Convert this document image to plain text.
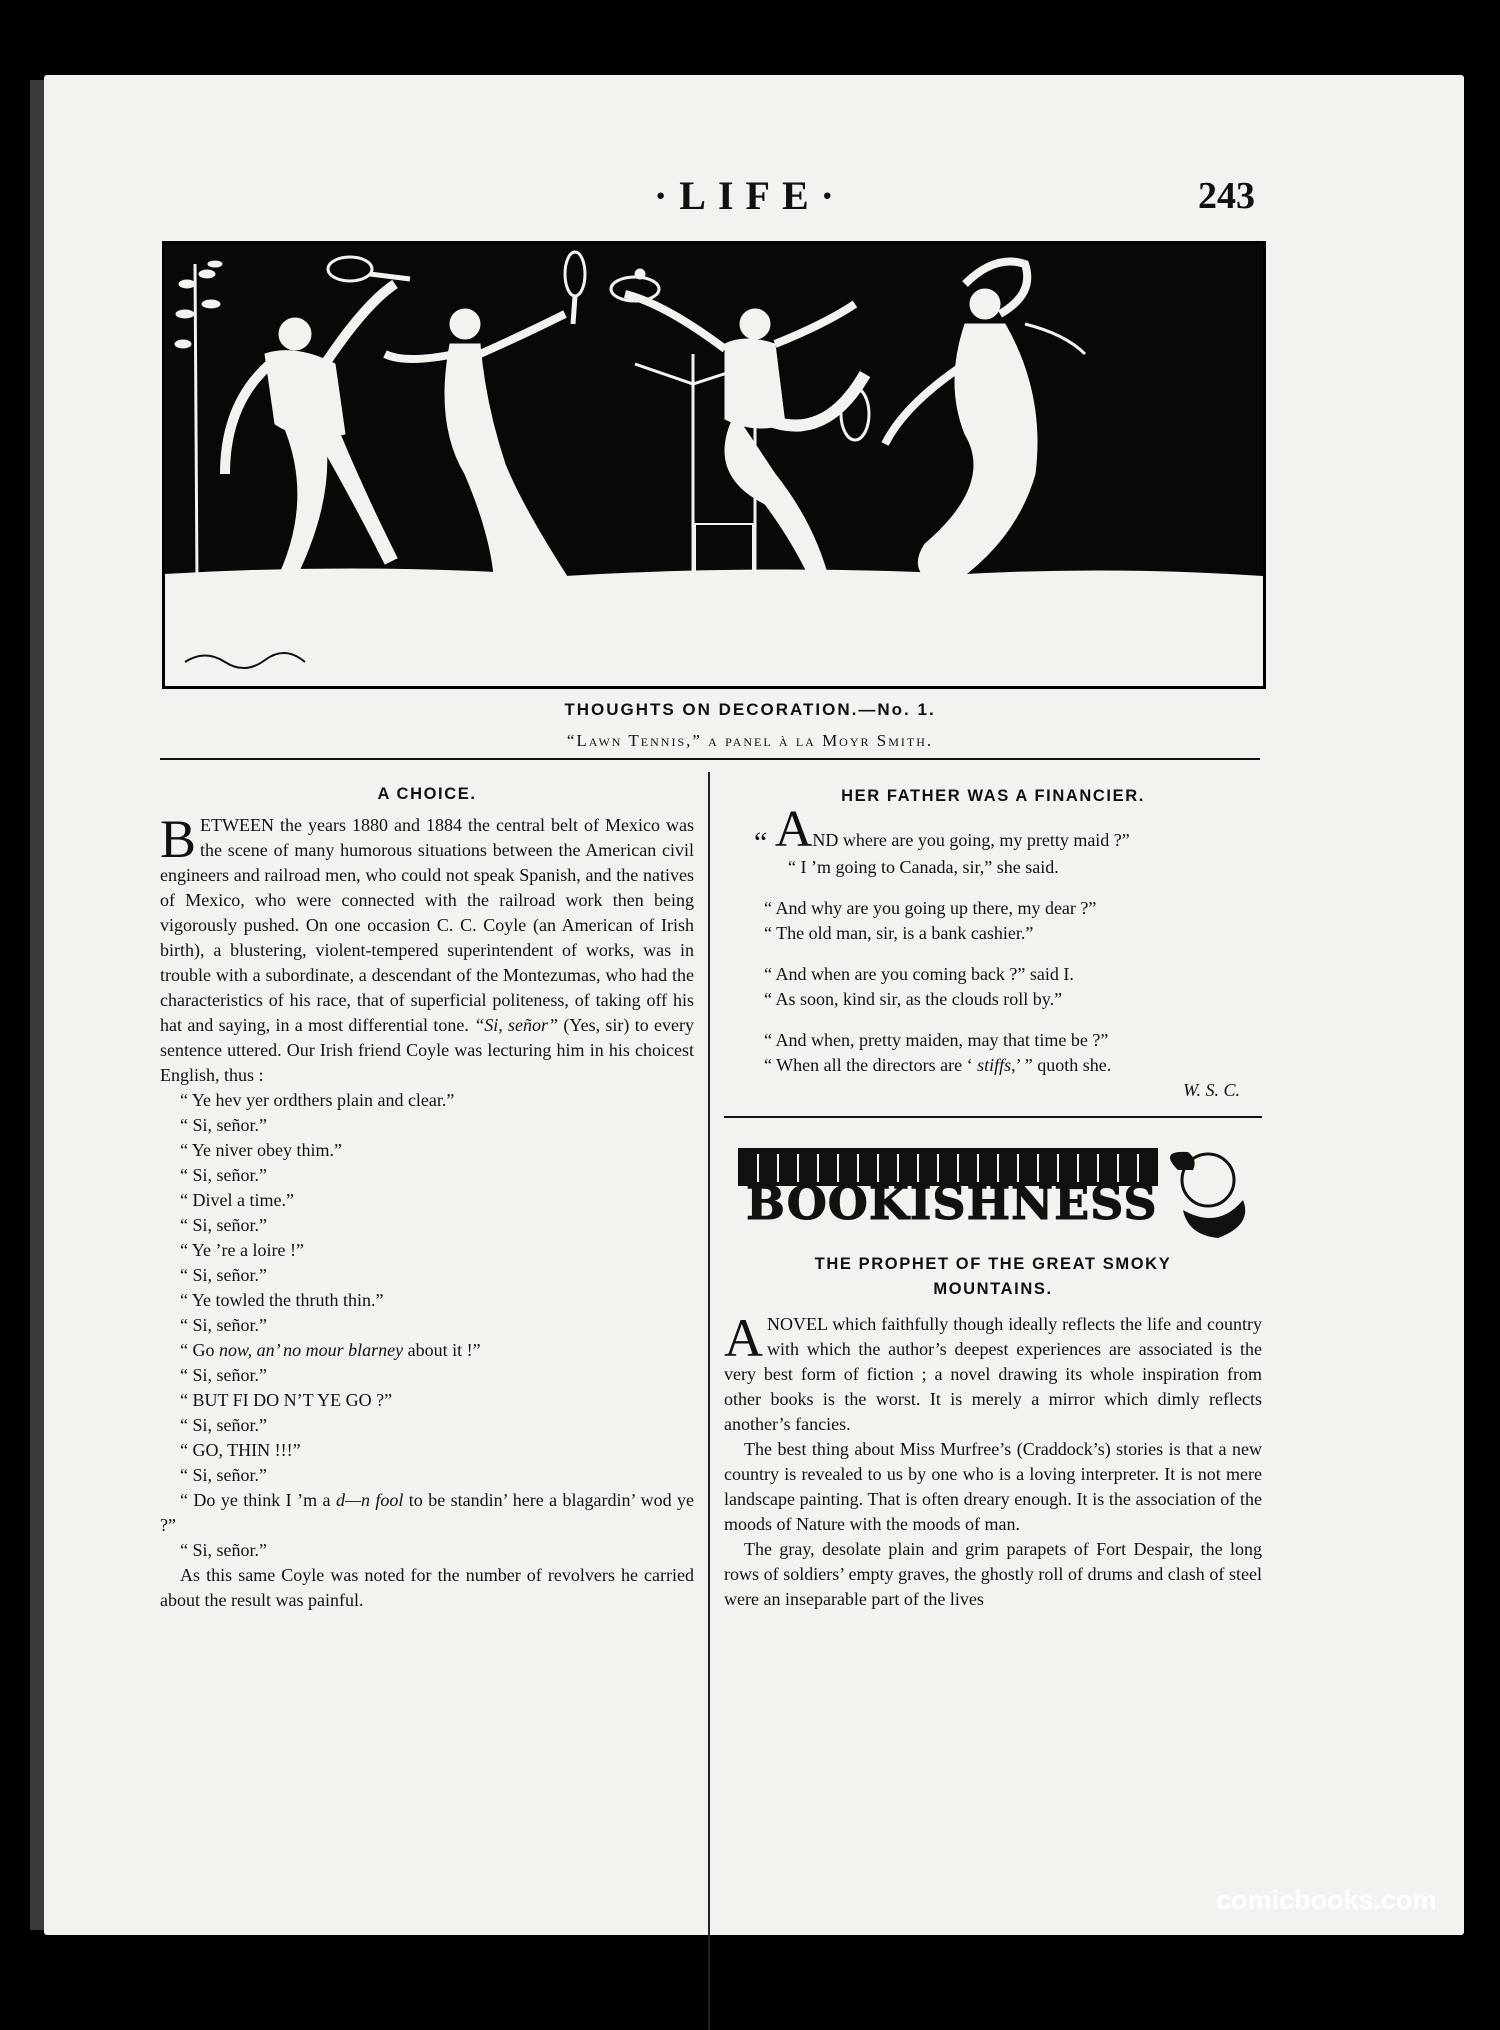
·LIFE·	243
THOUGHTS ON DECORATION.—No. 1.
“Lawn Tennis,” a panel à la Moyr Smith.
A CHOICE.

BETWEEN the years 1880 and 1884 the central belt of Mexico was the scene of many humorous situations between the American civil engineers and railroad men, who could not speak Spanish, and the natives of Mexico, who were connected with the railroad work then being vigorously pushed. On one occasion C. C. Coyle (an American of Irish birth), a blustering, violent-tempered superintendent of works, was in trouble with a subordinate, a descendant of the Montezumas, who had the characteristics of his race, that of superficial politeness, of taking off his hat and saying, in a most differential tone. “Si, señor” (Yes, sir) to every sentence uttered. Our Irish friend Coyle was lecturing him in his choicest English, thus :

“ Ye hev yer ordthers plain and clear.”

“ Si, señor.”

“ Ye niver obey thim.”

“ Si, señor.”

“ Divel a time.”

“ Si, señor.”

“ Ye ’re a loire !”

“ Si, señor.”

“ Ye towled the thruth thin.”

“ Si, señor.”

“ Go now, an’ no mour blarney about it !”

“ Si, señor.”

“ BUT FI DO N’T YE GO ?”

“ Si, señor.”

“ GO, THIN !!!”

“ Si, señor.”

“ Do ye think I ’m a d—n fool to be standin’ here a blagardin’ wod ye ?”

“ Si, señor.”

As this same Coyle was noted for the number of revolvers he carried about the result was painful.

HER FATHER WAS A FINANCIER.
“ AND where are you going, my pretty maid ?”
“ I ’m going to Canada, sir,” she said.

“ And why are you going up there, my dear ?”

“ The old man, sir, is a bank cashier.”

“ And when are you coming back ?” said I.

“ As soon, kind sir, as the clouds roll by.”

“ And when, pretty maiden, may that time be ?”

“ When all the directors are ‘ stiffs,’ ” quoth she.

W. S. C.
BOOKISHNESS
THE PROPHET OF THE GREAT SMOKY MOUNTAINS.

ANOVEL which faithfully though ideally reflects the life and country with which the author’s deepest experiences are associated is the very best form of fiction ; a novel drawing its whole inspiration from other books is the worst. It is merely a mirror which dimly reflects another’s fancies.

The best thing about Miss Murfree’s (Craddock’s) stories is that a new country is revealed to us by one who is a loving interpreter. It is not mere landscape painting. That is often dreary enough. It is the association of the moods of Nature with the moods of man.

The gray, desolate plain and grim parapets of Fort Despair, the long rows of soldiers’ empty graves, the ghostly roll of drums and clash of steel were an inseparable part of the lives

comicbooks.com
